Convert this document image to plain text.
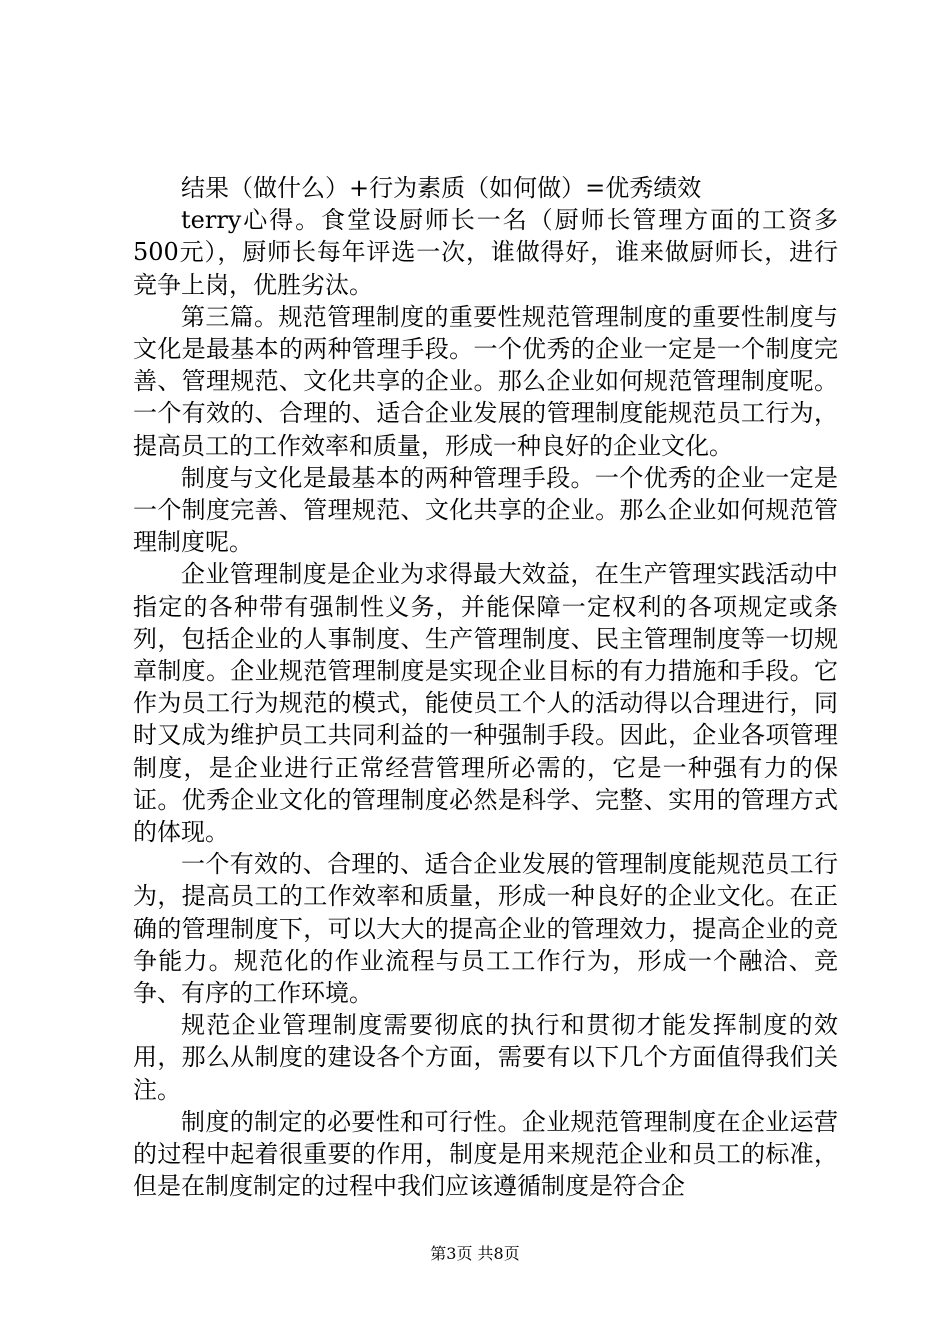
结果（做什么）+行为素质（如何做）=优秀绩效

terry心得。食堂设厨师长一名（厨师长管理方面的工资多500元），厨师长每年评选一次，谁做得好，谁来做厨师长，进行竞争上岗，优胜劣汰。

第三篇。规范管理制度的重要性规范管理制度的重要性制度与文化是最基本的两种管理手段。一个优秀的企业一定是一个制度完善、管理规范、文化共享的企业。那么企业如何规范管理制度呢。一个有效的、合理的、适合企业发展的管理制度能规范员工行为，提高员工的工作效率和质量，形成一种良好的企业文化。

制度与文化是最基本的两种管理手段。一个优秀的企业一定是一个制度完善、管理规范、文化共享的企业。那么企业如何规范管理制度呢。

企业管理制度是企业为求得最大效益，在生产管理实践活动中指定的各种带有强制性义务，并能保障一定权利的各项规定或条列，包括企业的人事制度、生产管理制度、民主管理制度等一切规章制度。企业规范管理制度是实现企业目标的有力措施和手段。它作为员工行为规范的模式，能使员工个人的活动得以合理进行，同时又成为维护员工共同利益的一种强制手段。因此，企业各项管理制度，是企业进行正常经营管理所必需的，它是一种强有力的保证。优秀企业文化的管理制度必然是科学、完整、实用的管理方式的体现。

一个有效的、合理的、适合企业发展的管理制度能规范员工行为，提高员工的工作效率和质量，形成一种良好的企业文化。在正确的管理制度下，可以大大的提高企业的管理效力，提高企业的竞争能力。规范化的作业流程与员工工作行为，形成一个融洽、竞争、有序的工作环境。

规范企业管理制度需要彻底的执行和贯彻才能发挥制度的效用，那么从制度的建设各个方面，需要有以下几个方面值得我们关注。

制度的制定的必要性和可行性。企业规范管理制度在企业运营的过程中起着很重要的作用，制度是用来规范企业和员工的标准，但是在制度制定的过程中我们应该遵循制度是符合企

第3页 共8页
